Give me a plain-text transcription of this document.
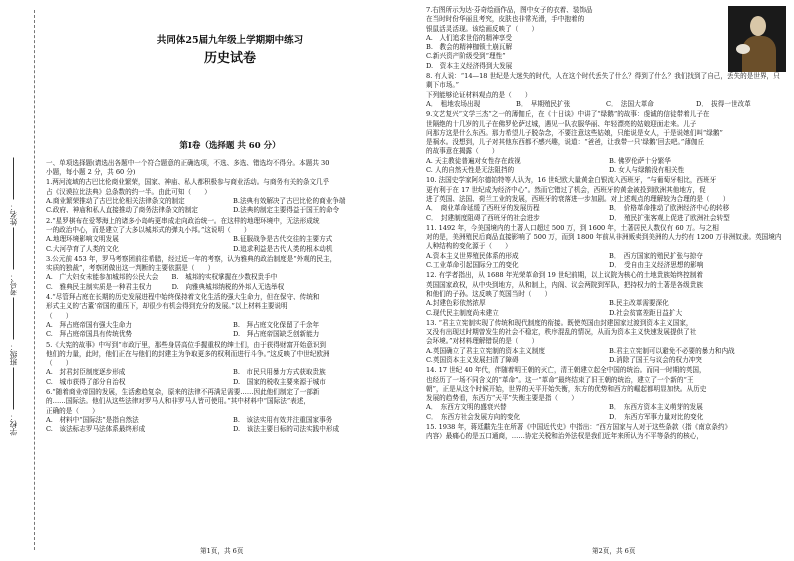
姓名：
考号：
班级：
学校：
共同体25届九年级上学期期中练习
历史试卷
第Ⅰ卷（选择题 共 60 分）

一、单项选择题(请选出各题中一个符合题意的正确选项，不选、多选、错选均不得分。本题共 30

小题，每小题 2 分，共 60 分)

1.两河流域的古巴比伦商业繁荣，国家、神庙、私人都积极参与商业活动。与商务有关的条文几乎

占《汉谟拉比法典》总条数的约一半。由此可知（　　）

A.商业繁荣推动了古巴比伦相关法律条文的制定	B.法典有效解决了古巴比伦的商业争端
C.政府、神庙和私人直接推动了商务法律条文的制定	D.法典的制定主要得益于国王的命令

2.“星罗棋布在爱琴海上的诸多小岛屿更串成走向政治统一。在这样的地理环境中，无法形成统

一的政治中心，而是建立了大多以城邦式的弹丸小邦。”这说明（　　）

A.地理环境影响文明发展	B.征服战争是古代交往的主要方式
C.大河孕育了人类的文化	D.追求利益是古代人类的根本动机

3.公元前 453 年，罗马考察团前往希腊，经过近一年的考察，认为雅典的政治制度是“外观的民主，

实质的独裁”，考察团做出这一判断的主要依据是（　　）

A.　广大妇女未能参加城邦的公民大会　　B.　城邦的实权掌握在少数权贵手中
C.　雅典民主制实质是一种君主权力　　　D.　向雅典城邦纳税的外邦人无选举权

4.“尽管拜占庭在长期的历史发展进程中始终保持着文化生活的强大生命力，但在保守、传统和

形式主义的‘古董’帝国的重压下，却很少有机会得到充分的发展。”以上材料主要说明

（　　）

A.　拜占庭帝国有强大生命力	B.　拜占庭文化保留了千余年
C.　拜占庭帝国具有传统优势	D.　拜占庭帝国缺乏创新能力

5.《大宪的故事》中写到“市政厅里，那些身居高位手握重权的绅士们，由于获得财富开始意识到

他们的力量，此时，他们正在与他们的封建主为争取更多的权利而进行斗争。”这反映了中世纪欧洲

（　　）

A.　封君封臣制度逐步形成	B.　市民只用暴力方式获取贵族
C.　城市获得了部分自治权	D.　国家的税收主要来源于城市

6.“随着商业帝国的发展，生活愈趋复杂，原来的法律不再满足需要……因此他们制定了一部新

的……国际法。他们从这些法律对罗马人和非罗马人皆可使用。”其中材料中“国际法”表述，

正确的是（　　）

A.　材料中“国际法”是指自然法	B.　该法实用有效并注重国家事务
C.　该法标志罗马法体系最终形成	D.　该法主要目标的司法实践中形成

7.右图所示为达·芬奇绘画作品，图中女子的衣着、装饰品

在当时时份华丽且考究，皮肤也非常光滑，手中抱着的

银鼠活灵活现。该绘画反映了（　　）

A.　人们追求世俗的精神享受
B.　教会的精神枷锁土崩瓦解
C.新兴资产阶级受到“理性”
D.　资本主义经济得到大发展

8. 有人说：“14—18 世纪是大迷失的时代，人在这个时代丢失了什么？得到了什么？我们找到了自己，丢失的是世界，只剩下市场。”

下列能够论证材料观点的是（　　）

A．　租地农场出现	B．　早期殖民扩张	C．　法国大革命	D．　拔得一世改革

9.文艺复兴“文学三杰”之一的薄伽丘，在《十日谈》中讲了“绿鹅”的故事：虔诚的信徒带着儿子在

世隔绝的十几岁的儿子在佛罗伦萨过城，遇见一队衣服华丽、年轻漂亮的姑娘迎面走来。儿子

问那方这是什么东西。那力希望儿子脱杂念，不要注意这些姑娘，只能说是女人，于是说她们叫“绿鹅”

是祸水。没想到，儿子对其他东西都不感兴趣，说道：“爸爸，让我带一只‘绿鹅’回去吧。”薄伽丘

的故事意在揭露（　　）

A. 天主教徒普遍对女性存在歧视	B. 佛罗伦萨十分繁华
C. 人的自然天性是无法阻挡的	D. 女人与绿鹅没有相关性

10. 法国史学家阿尔德铂特等人认为，16 世纪欧大量黄金白银流入西班牙，“与葡萄牙相比，西班牙

更有利于在 17 世纪成为经济中心”。然而它错过了机会，西班牙的黄金被投到欧洲其他地方，促

进了英国、法国、荷兰工业的发展，西班牙的衰落进一步加剧。对上述观点的理解较为合理的是（　　）

A．　商业革命延缓了西班牙的发展历程	B．　价格革命推动了欧洲经济中心的转移
C．　封建制度阻碍了西班牙的社会进步	D．　殖民扩张客观上促进了欧洲社会转型

11. 1492 年，今美国境内的土著人口超过 500 万，到 1600 年，土著居民人数仅有 60 万。与之相

对的是，美洲殖民后商品直接影响了 500 万，而到 1800 年前从非洲贩卖到美洲的人力约有 1200 万非洲奴隶。英国境内

人种结构的变化源于（　　）

A.资本主义世界殖民体系的形成	B．　西方国家的殖民扩张与掠夺
C.工业革命引起国际分工的变化	D．　受自由主义经济思想的影响

12. 有学者指出，从 1688 年光荣革命到 19 世纪前期，以上议院为核心的土地贵族始终控制着

英国国家政权，从中央到地方，从和制上，内阁、议会两院到军队，把持权力的土著是各级贵族

和他们的子孙。这反映了英国当时（　　）

A.封建色彩依然浓厚	B.民主改革需要深化
C.现代民主制度尚未建立	D.社会贫富差距日益扩大

13. “君主立宪制实现了传统和现代制度的衔接。既使英国由封建国家过渡到资本主义国家，

又没有出现过时期曾发生的社会不稳定，秩序混乱的情况，从而为资本主义快速发展提供了社

会环境。”对材料理解错误的是（　　）

A.英国确立了君主立宪制的资本主义制度	B.君主立宪制可以避免不必要的暴力和内战
C.英国资本主义发展扫清了障碍	D.消除了国王与议会的权力冲突

14. 17 世纪 40 年代，伴随着明王朝的灭亡，清王朝建立起全中国的统治。而同一时期的英国，

也经历了一场不同含义的“革命”。这一“革命”最终结束了旧王朝的统治，建立了一个新的“王

朝”，正是从这个时候开始，世界的天平开始失衡，东方的优势和西方的崛起都明显加快。从历史

发展的趋势看，东西方“天平”失衡主要是指（　　）

A．　东西方文明的盛衰兴替	B．　东西方资本主义萌芽的发展
C．　东西方社会发展方向的变化	D．　东西方军事力量对比的变化

15. 1938 年，蒋廷黻先生在所著《中国近代史》中指出：“西方国家与人对于这些条款（指《南京条约》

内容）最痛心的是五口通商，……协定关税和治外法权是我们近年来所认为不平等条约的核心，

第1页，共 6页	第2页，共 6页
